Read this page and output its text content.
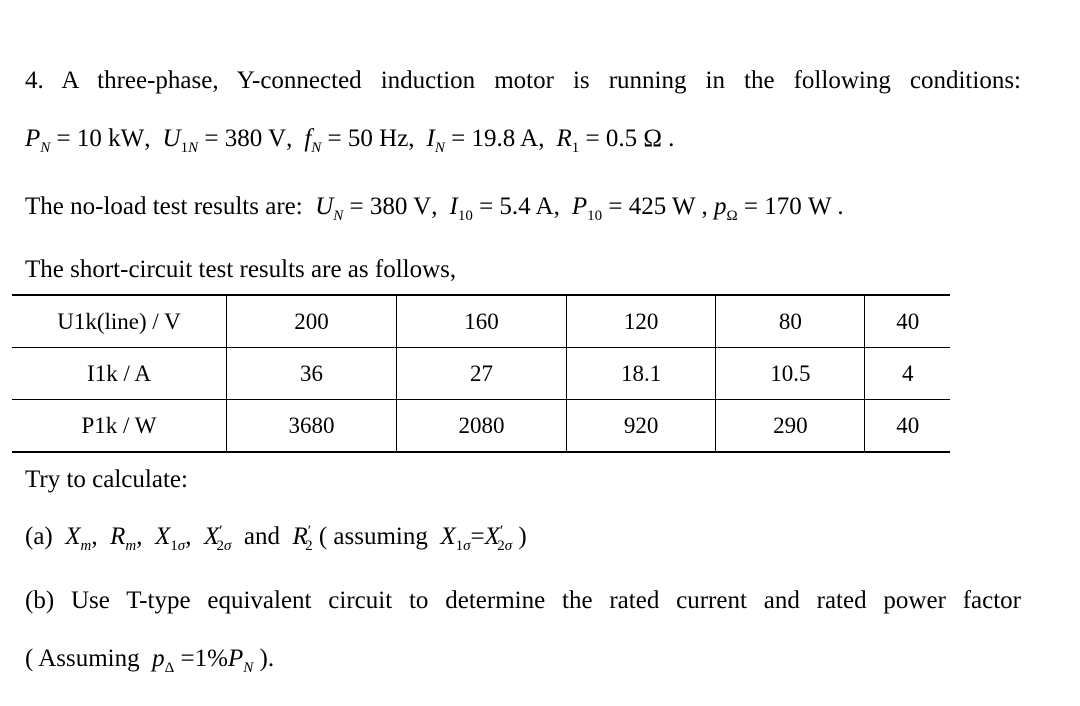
4. A three-phase, Y-connected induction motor is running in the following conditions:
$P_N = 10$ kW, $U_{1N} = 380$ V, $f_N = 50$ Hz, $I_N = 19.8$ A, $R_1 = 0.5$ Ω .
The no-load test results are: $U_N = 380$ V, $I_{10} = 5.4$ A, $P_{10} = 425$ W , $p_\Omega = 170$ W .
The short-circuit test results are as follows,
U1k(line) / V	200	160	120	80	40
I1k / A	36	27	18.1	10.5	4
P1k / W	3680	2080	920	290	40
Try to calculate:
(a) $X_m$,  $R_m$,  $X_{1\sigma}$,  $X'_{2\sigma}$ and $R'_2$ ( assuming $X_{1\sigma}=X'_{2\sigma}$ )
(b) Use T-type equivalent circuit to determine the rated current and rated power factor
( Assuming $p_\Delta =1\%P_N$ ).
